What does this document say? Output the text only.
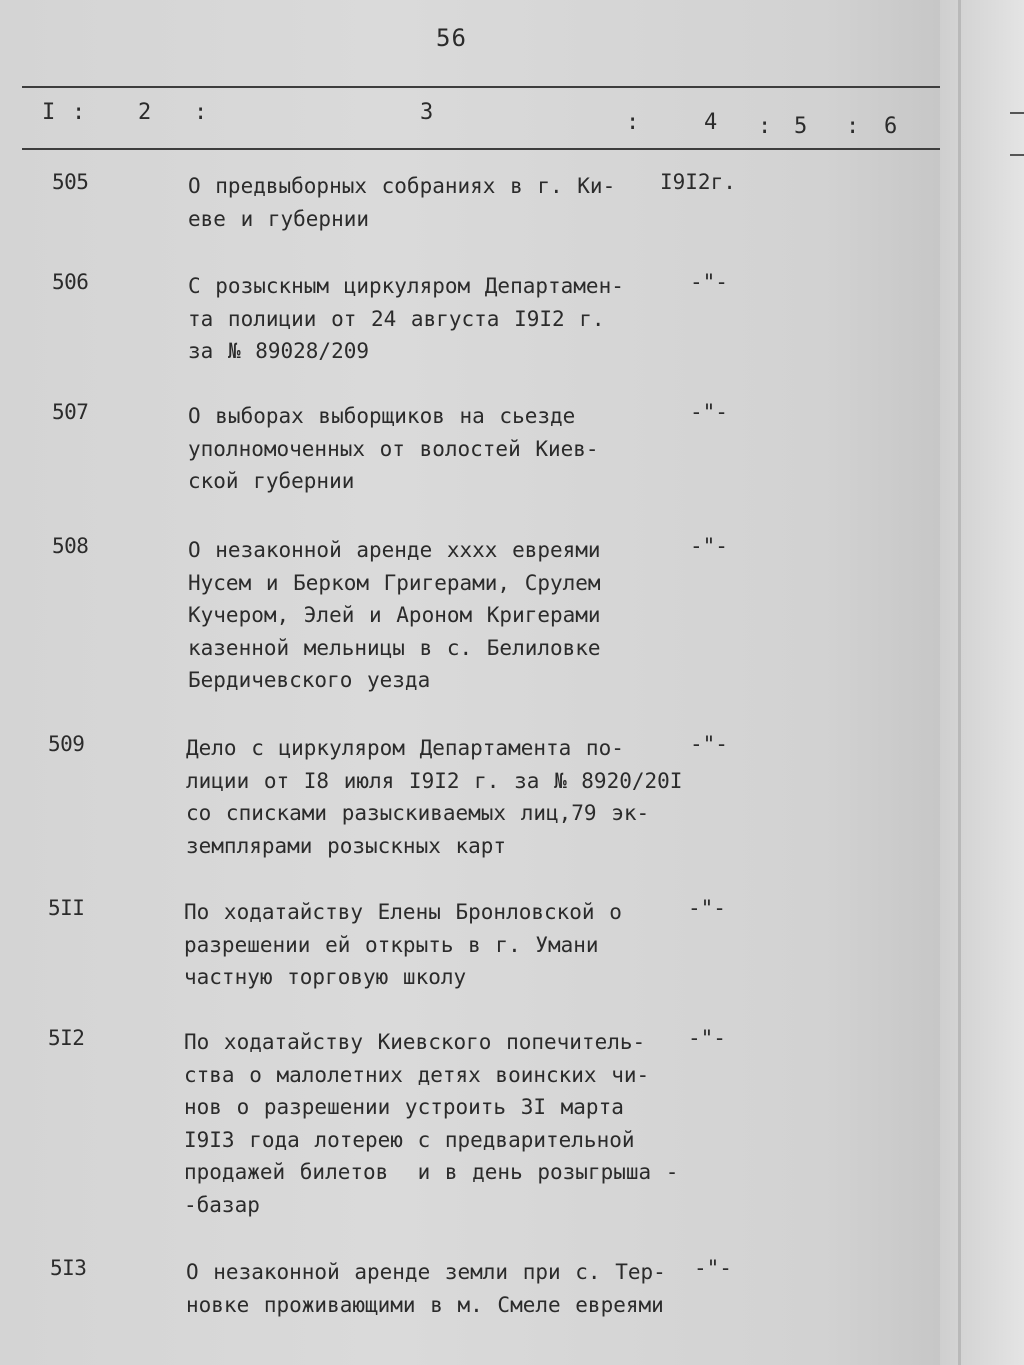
56
I : 2 :	3	:	4 : 5 : 6
505	О предвыборных собраниях в г. Ки-
еве и губернии
I9I2г.
506	С розыскным циркуляром Департамен-
та полиции от 24 августа I9I2 г.
за № 89028/209
-"-
507	О выборах выборщиков на сьезде
уполномоченных от волостей Киев-
ской губернии
-"-
508	О незаконной аренде хххх евреями
Нусем и Берком Григерами, Срулем
Кучером, Элей и Ароном Кригерами
казенной мельницы в с. Белиловке
Бердичевского уезда
-"-
509	Дело с циркуляром Департамента по-
лиции от I8 июля I9I2 г. за № 8920/20I
со списками разыскиваемых лиц,79 эк-
земплярами розыскных карт
-"-
5II	По ходатайству Елены Бронловской о
разрешении ей открыть в г. Умани
частную торговую школу
-"-
5I2	По ходатайству Киевского попечитель-
ства о малолетних детях воинских чи-
нов о разрешении устроить 3I марта
I9I3 года лотерею с предварительной
продажей билетов  и в день розыгрыша -
-базар
-"-
5I3	О незаконной аренде земли при с. Тер-
новке проживающими в м. Смеле евреями
-"-
